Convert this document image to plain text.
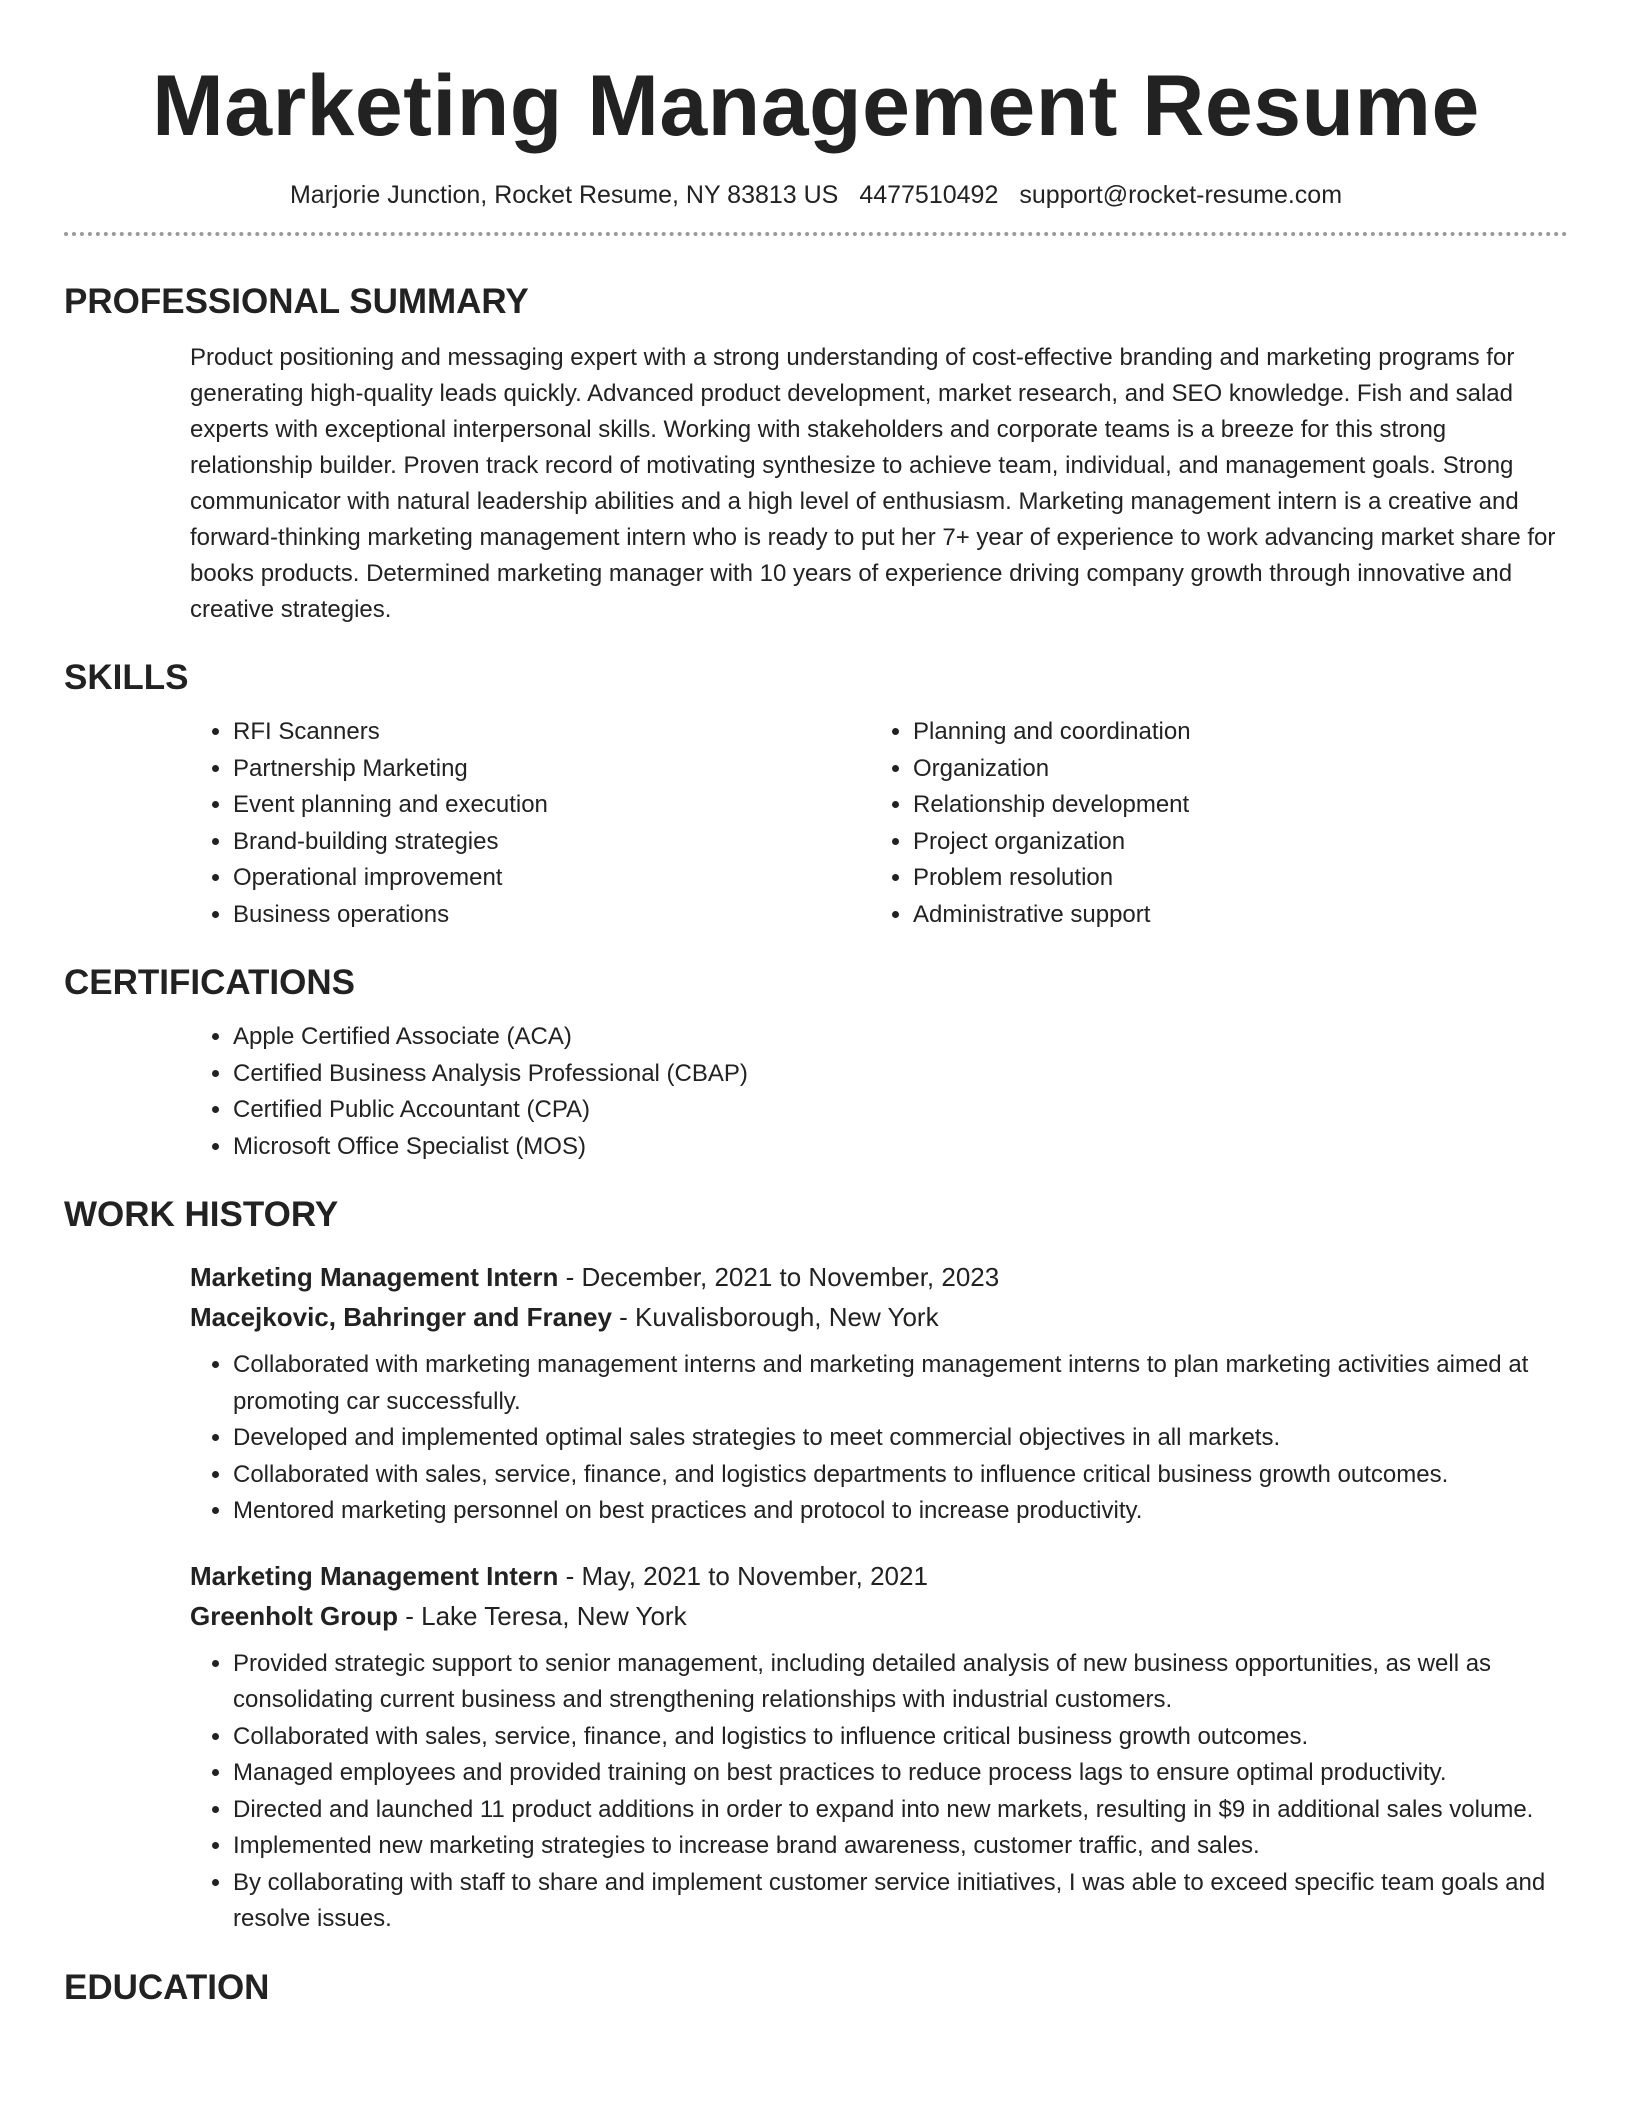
Marketing Management Resume
Marjorie Junction, Rocket Resume, NY 83813 US 4477510492 support@rocket-resume.com
PROFESSIONAL SUMMARY
Product positioning and messaging expert with a strong understanding of cost-effective branding and marketing programs for generating high-quality leads quickly. Advanced product development, market research, and SEO knowledge. Fish and salad experts with exceptional interpersonal skills. Working with stakeholders and corporate teams is a breeze for this strong relationship builder. Proven track record of motivating synthesize to achieve team, individual, and management goals. Strong communicator with natural leadership abilities and a high level of enthusiasm. Marketing management intern is a creative and forward-thinking marketing management intern who is ready to put her 7+ year of experience to work advancing market share for books products. Determined marketing manager with 10 years of experience driving company growth through innovative and creative strategies.
SKILLS
• RFI Scanners
• Partnership Marketing
• Event planning and execution
• Brand-building strategies
• Operational improvement
• Business operations
• Planning and coordination
• Organization
• Relationship development
• Project organization
• Problem resolution
• Administrative support
CERTIFICATIONS
• Apple Certified Associate (ACA)
• Certified Business Analysis Professional (CBAP)
• Certified Public Accountant (CPA)
• Microsoft Office Specialist (MOS)
WORK HISTORY
Marketing Management Intern - December, 2021 to November, 2023
Macejkovic, Bahringer and Franey - Kuvalisborough, New York
• Collaborated with marketing management interns and marketing management interns to plan marketing activities aimed at promoting car successfully.
• Developed and implemented optimal sales strategies to meet commercial objectives in all markets.
• Collaborated with sales, service, finance, and logistics departments to influence critical business growth outcomes.
• Mentored marketing personnel on best practices and protocol to increase productivity.
Marketing Management Intern - May, 2021 to November, 2021
Greenholt Group - Lake Teresa, New York
• Provided strategic support to senior management, including detailed analysis of new business opportunities, as well as consolidating current business and strengthening relationships with industrial customers.
• Collaborated with sales, service, finance, and logistics to influence critical business growth outcomes.
• Managed employees and provided training on best practices to reduce process lags to ensure optimal productivity.
• Directed and launched 11 product additions in order to expand into new markets, resulting in $9 in additional sales volume.
• Implemented new marketing strategies to increase brand awareness, customer traffic, and sales.
• By collaborating with staff to share and implement customer service initiatives, I was able to exceed specific team goals and resolve issues.
EDUCATION
